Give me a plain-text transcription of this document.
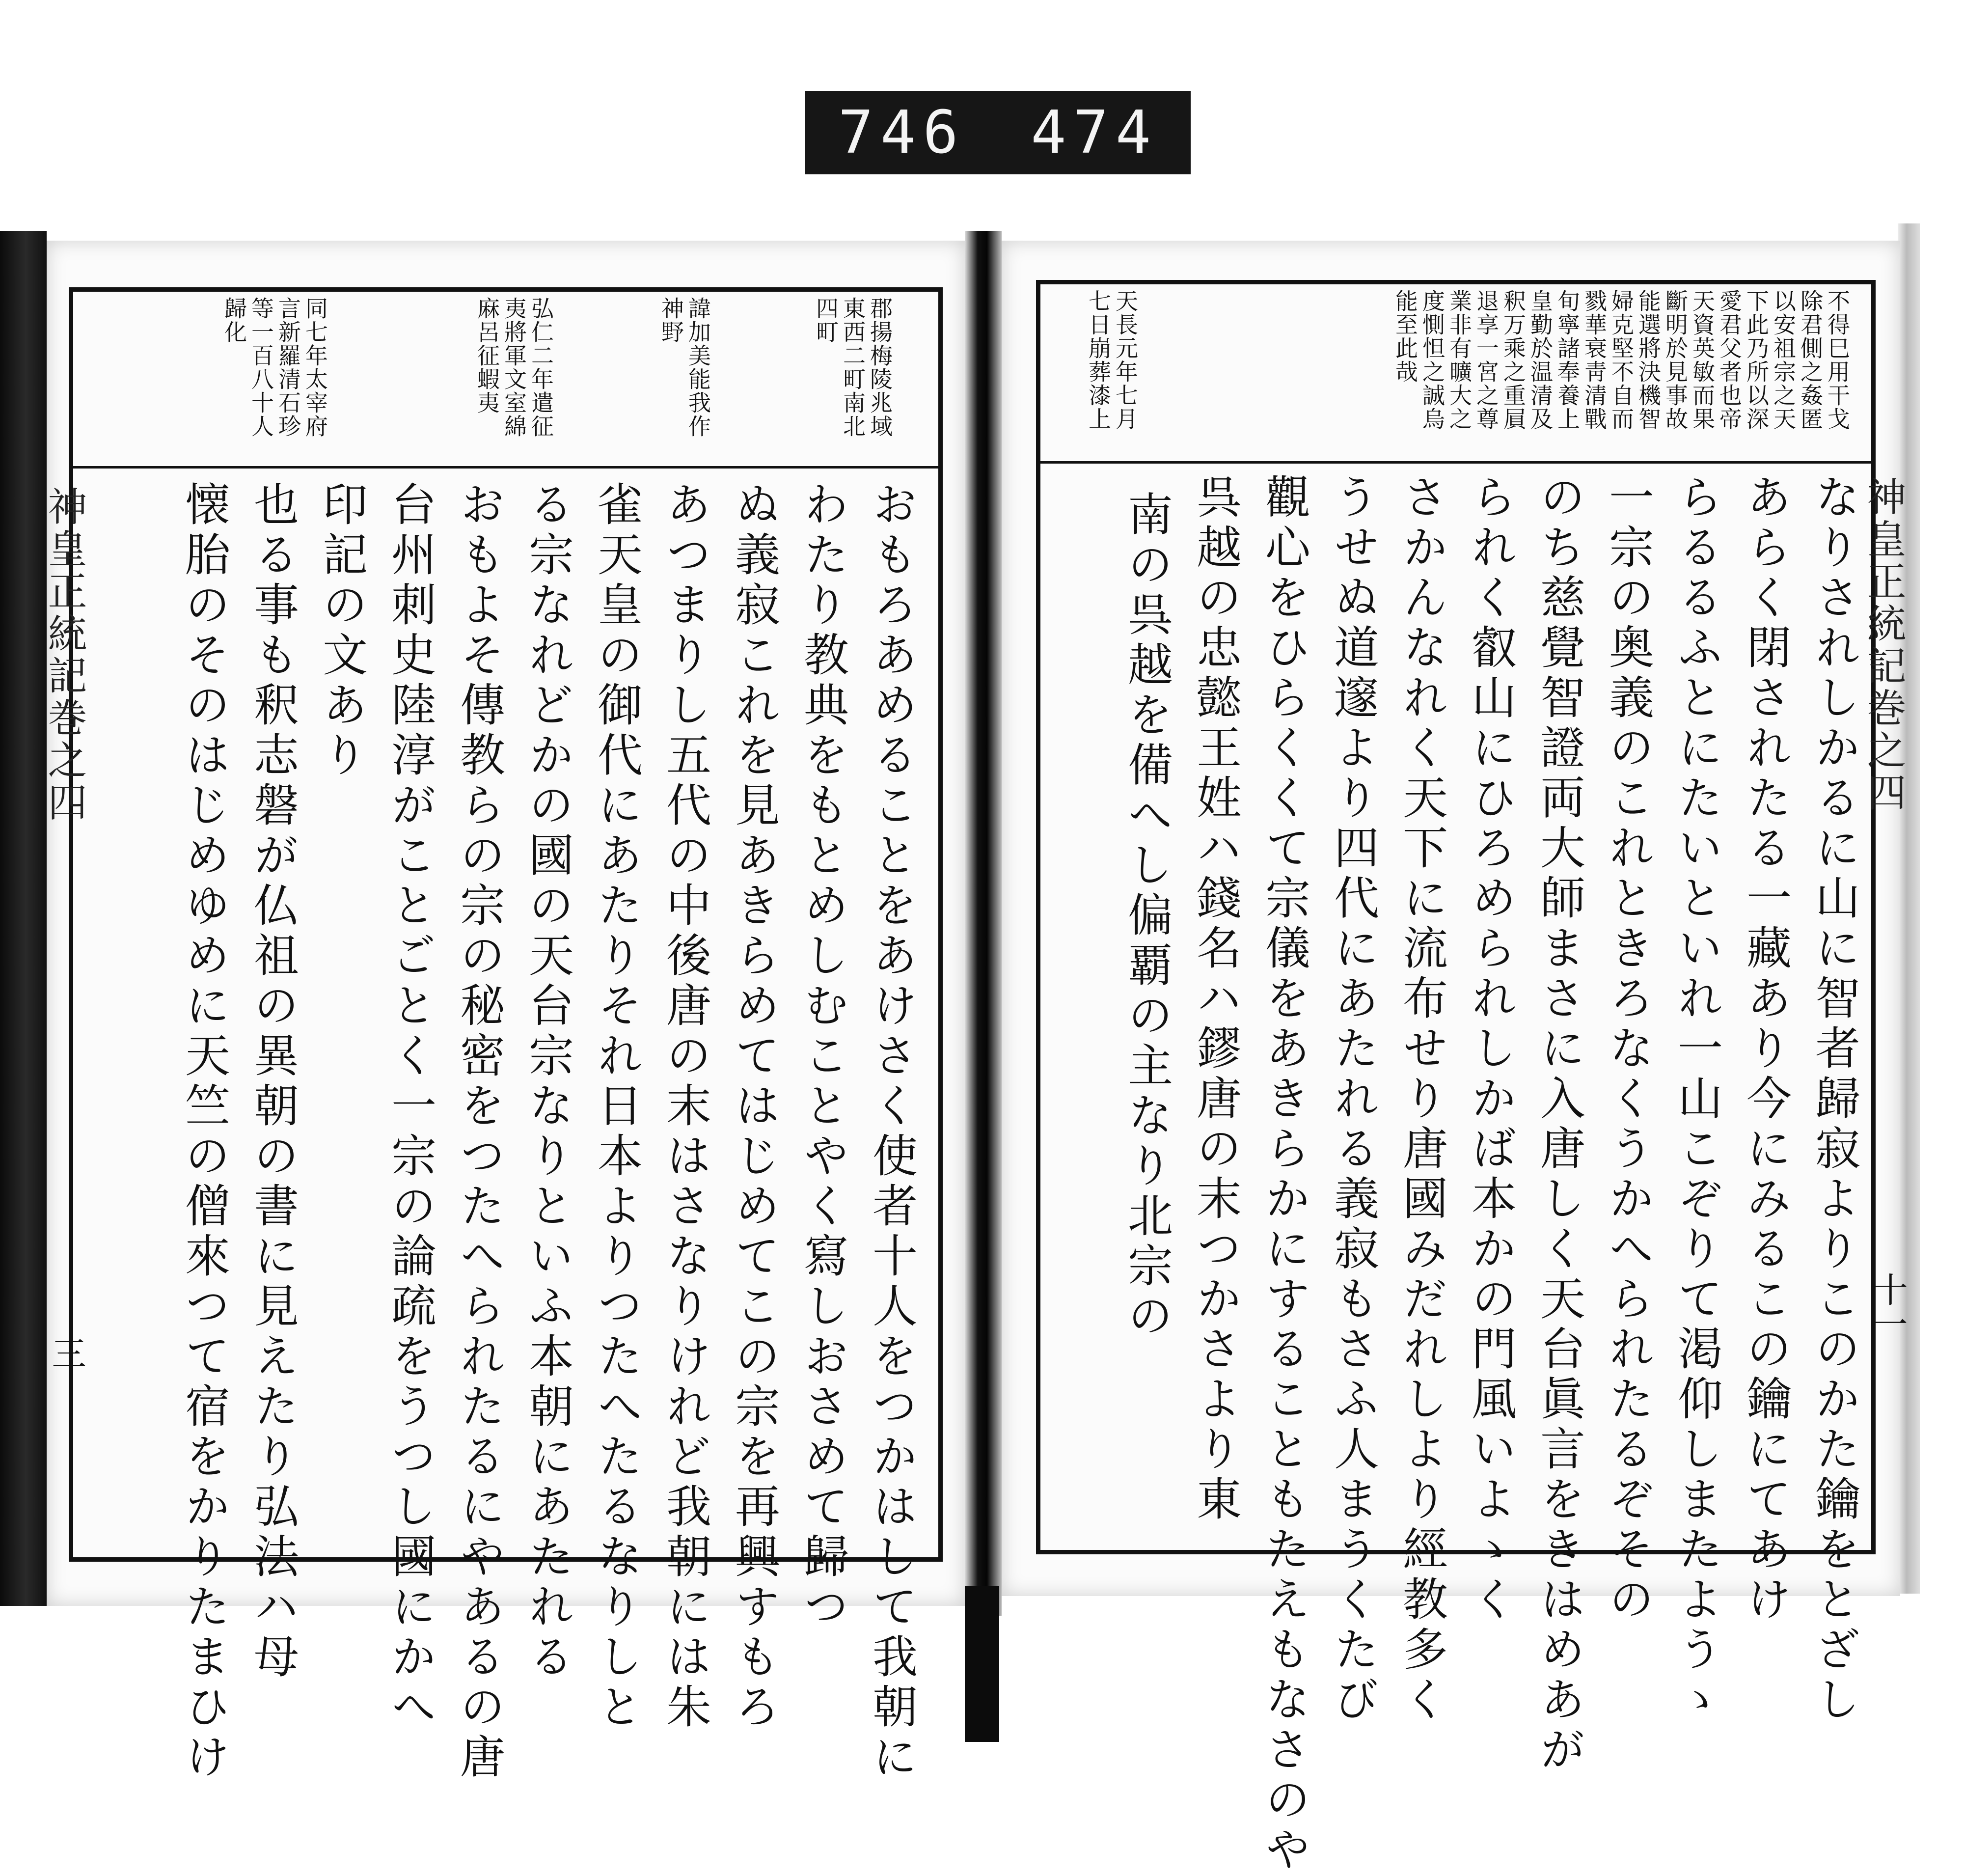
746 474
郡揚梅陵兆域
東西二町南北
四町
諱加美能我作
神野
弘仁二年遣征
夷將軍文室綿
麻呂征蝦夷
同七年太宰府
言新羅清石珍
等一百八十人
歸化
おもろあめることをあけさく使者十人をつかはして我朝に
わたり教典をもとめしむことやく寫しおさめて歸つ
ぬ義寂これを見あきらめてはじめてこの宗を再興すもろ
あつまりし五代の中後唐の末はさなりけれど我朝には朱
雀天皇の御代にあたりそれ日本よりつたへたるなりしと
る宗なれどかの國の天台宗なりといふ本朝にあたれる
おもよそ傳教らの宗の秘密をつたへられたるにやあるの唐
台州刺史陸淳がことごとく一宗の論疏をうつし國にかへ
印記の文あり
也る事も釈志磐が仏祖の異朝の書に見えたり弘法ハ母
懐胎のそのはじめゆめに天竺の僧來つて宿をかりたまひけ
神皇正統記巻之四
三
不得巳用干戈
除君側之姦匿
以安祖宗之天
下此乃所以深
愛君父者也帝
天資英敏而果
斷明於見事故
能選將決機智
婦克堅不自而
戮華衰靑清戰
旬寧諸奉養上
皇勤於温清及
釈万乘之重屓
退享一宮之尊
業非有曠大之
度惻怛之誠烏
能至此哉
天長元年七月
七日崩葬漆上
なりされしかるに山に智者歸寂よりこのかた鑰をとざし
あらく閉されたる一藏あり今にみるこの鑰にてあけ
らるるふとにたいといれ一山こぞりて渇仰しまたようゝ
一宗の奥義のこれときろなくうかへられたるぞその
のち慈覺智證両大師まさに入唐しく天台眞言をきはめあが
られく叡山にひろめられしかば本かの門風いよゝく
さかんなれく天下に流布せり唐國みだれしより經教多く
うせぬ道邃より四代にあたれる義寂もさふ人まうくたび
觀心をひらくくて宗儀をあきらかにすることもたえもなさのや
呉越の忠懿王姓ハ錢名ハ鏐唐の末つかさより東
南の呉越を備へし偏覇の主なり北宗の	神皇正統記巻之四
十一
